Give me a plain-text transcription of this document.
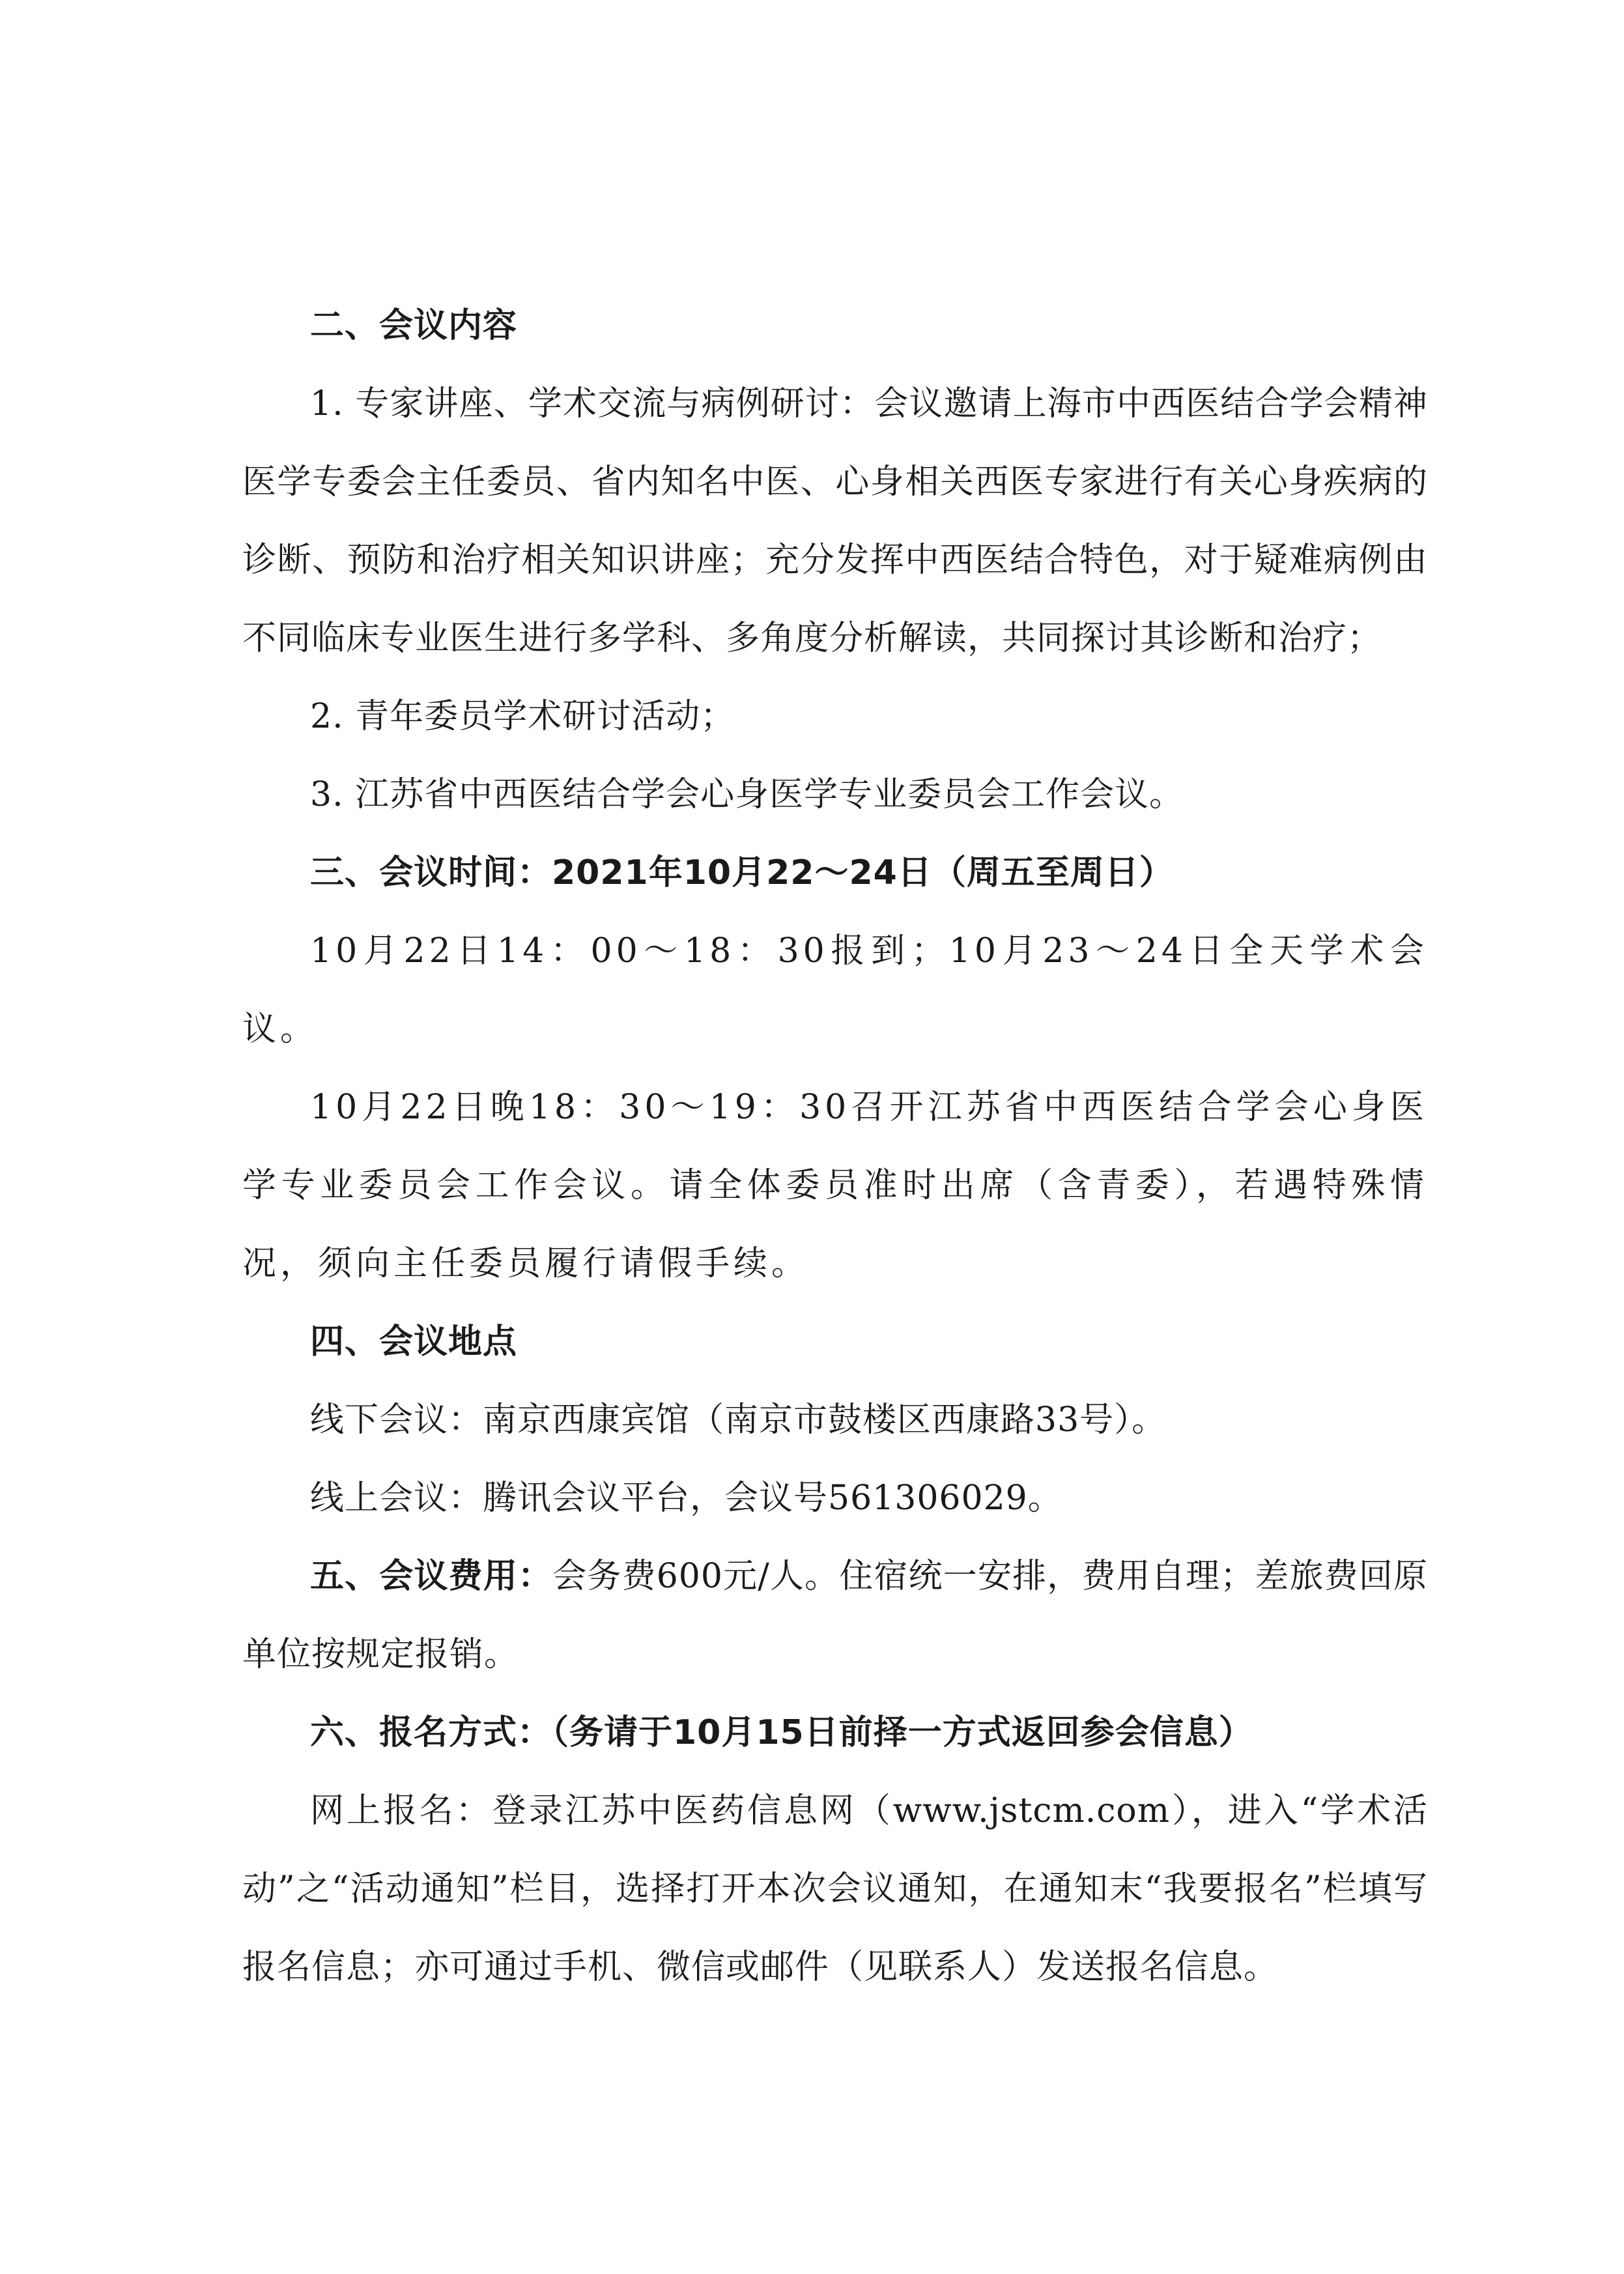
二、会议内容

1. 专家讲座、学术交流与病例研讨：会议邀请上海市中西医结合学会精神医学专委会主任委员、省内知名中医、心身相关西医专家进行有关心身疾病的诊断、预防和治疗相关知识讲座；充分发挥中西医结合特色，对于疑难病例由不同临床专业医生进行多学科、多角度分析解读，共同探讨其诊断和治疗；

2. 青年委员学术研讨活动；

3. 江苏省中西医结合学会心身医学专业委员会工作会议。

三、会议时间：2021年10月22～24日（周五至周日）

10月22日14：00～18：30报到；10月23～24日全天学术会议。

10月22日晚18：30～19：30召开江苏省中西医结合学会心身医学专业委员会工作会议。请全体委员准时出席（含青委），若遇特殊情况，须向主任委员履行请假手续。

四、会议地点

线下会议：南京西康宾馆（南京市鼓楼区西康路33号）。

线上会议：腾讯会议平台，会议号561306029。

五、会议费用：会务费600元/人。住宿统一安排，费用自理；差旅费回原单位按规定报销。

六、报名方式：（务请于10月15日前择一方式返回参会信息）

网上报名：登录江苏中医药信息网（www.jstcm.com），进入“学术活动”之“活动通知”栏目，选择打开本次会议通知，在通知末“我要报名”栏填写报名信息；亦可通过手机、微信或邮件（见联系人）发送报名信息。
